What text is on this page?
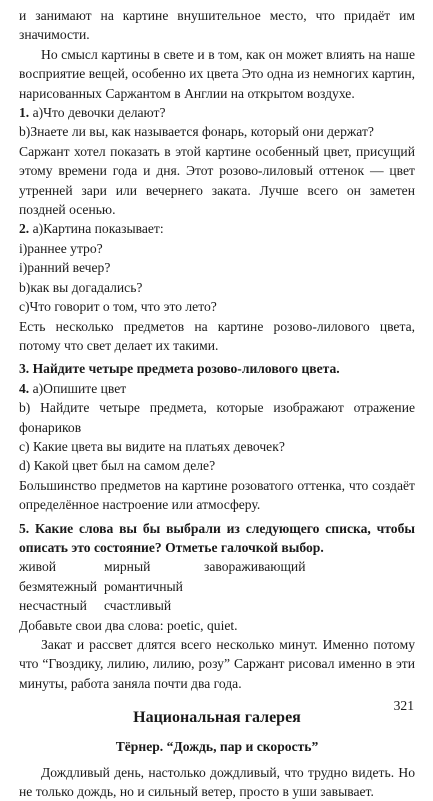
и занимают на картине внушительное место, что придаёт им значимости.

Но смысл картины в свете и в том, как он может влиять на наше восприятие вещей, особенно их цвета Это одна из немногих картин, нарисованных Саржантом в Англии на открытом воздухе.

1. а)Что девочки делают?

b)Знаете ли вы, как называется фонарь, который они держат?

Саржант хотел показать в этой картине особенный цвет, присущий этому времени года и дня. Этот розово-лиловый оттенок — цвет утренней зари или вечернего заката. Лучше всего он заметен поздней осенью.

2. а)Картина показывает:

i)раннее утро?

i)ранний вечер?

b)как вы догадались?

с)Что говорит о том, что это лето?

Есть несколько предметов на картине розово-лилового цвета, потому что свет делает их такими.

3. Найдите четыре предмета розово-лилового цвета.

4. а)Опишите цвет

b) Найдите четыре предмета, которые изображают отражение фонариков

c) Какие цвета вы видите на платьях девочек?

d) Какой цвет был на самом деле?

Большинство предметов на картине розоватого оттенка, что создаёт определённое настроение или атмосферу.

5. Какие слова вы бы выбрали из следующего списка, чтобы описать это состояние? Отметье галочкой выбор.

живой	мирный	завораживающий
безмятежный романтичный
несчастный	счастливый

Добавьте свои два слова: poetic, quiet.

Закат и рассвет длятся всего несколько минут. Именно потому что “Гвоздику, лилию, лилию, розу” Саржант рисовал именно в эти минуты, работа заняла почти два года.

Национальная галерея
Тёрнер. “Дождь, пар и скорость”

Дождливый день, настолько дождливый, что трудно видеть. Но не только дождь, но и сильный ветер, просто в уши завывает.

321
